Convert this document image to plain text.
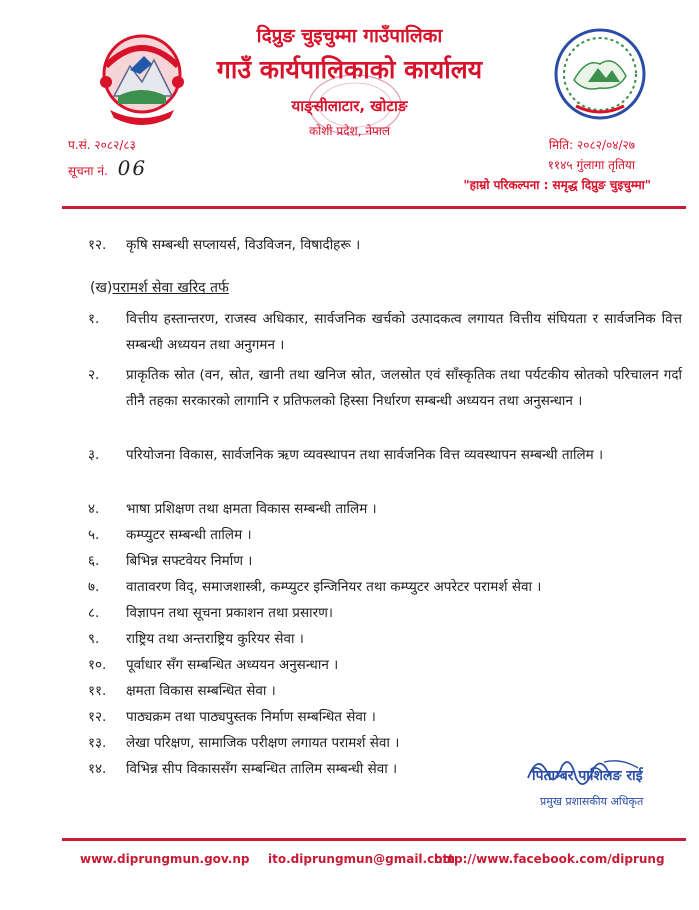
दिप्रुङ चुइचुम्मा गाउँपालिका
गाउँ कार्यपालिकाको कार्यालय
याङ्सीलाटार, खोटाङ
कोशी प्रदेश, नेपाल
प.सं. २०८२/८३
सूचना नं. 06
मिति: २०८२/०४/२७
११४५ गुंलागा तृतिया
"हाम्रो परिकल्पना : समृद्ध दिप्रुङ चुइचुम्मा"
१२. कृषि सम्बन्धी सप्लायर्स, विउविजन, विषादीहरू ।
(ख)परामर्श सेवा खरिद तर्फ
१. वित्तीय हस्तान्तरण, राजस्व अधिकार, सार्वजनिक खर्चको उत्पादकत्व लगायत वित्तीय संघियता र सार्वजनिक वित्त सम्बन्धी अध्ययन तथा अनुगमन ।
२. प्राकृतिक स्रोत (वन, स्रोत, खानी तथा खनिज स्रोत, जलस्रोत एवं साँस्कृतिक तथा पर्यटकीय स्रोतको परिचालन गर्दा तीनै तहका सरकारको लागानि र प्रतिफलको हिस्सा निर्धारण सम्बन्धी अध्ययन तथा अनुसन्धान ।
३. परियोजना विकास, सार्वजनिक ऋण व्यवस्थापन तथा सार्वजनिक वित्त व्यवस्थापन सम्बन्धी तालिम ।
४. भाषा प्रशिक्षण तथा क्षमता विकास सम्बन्धी तालिम ।
५. कम्प्युटर सम्बन्धी तालिम ।
६. बिभिन्न सफ्टवेयर निर्माण ।
७. वातावरण विद्, समाजशास्त्री, कम्प्युटर इन्जिनियर तथा कम्प्युटर अपरेटर परामर्श सेवा ।
८. विज्ञापन तथा सूचना प्रकाशन तथा प्रसारण।
९. राष्ट्रिय तथा अन्तराष्ट्रिय कुरियर सेवा ।
१०. पूर्वाधार सँग सम्बन्धित अध्ययन अनुसन्धान ।
११. क्षमता विकास सम्बन्धित सेवा ।
१२. पाठ्यक्रम तथा पाठ्यपुस्तक निर्माण सम्बन्धित सेवा ।
१३. लेखा परिक्षण, सामाजिक परीक्षण लगायत परामर्श सेवा ।
१४. विभिन्न सीप विकाससँग सम्बन्धित तालिम सम्बन्धी सेवा ।	पिताम्बर पाशिलङ राई
प्रमुख प्रशासकीय अधिकृत
www.diprungmun.gov.np ito.diprungmun@gmail.com
http://www.facebook.com/diprung
